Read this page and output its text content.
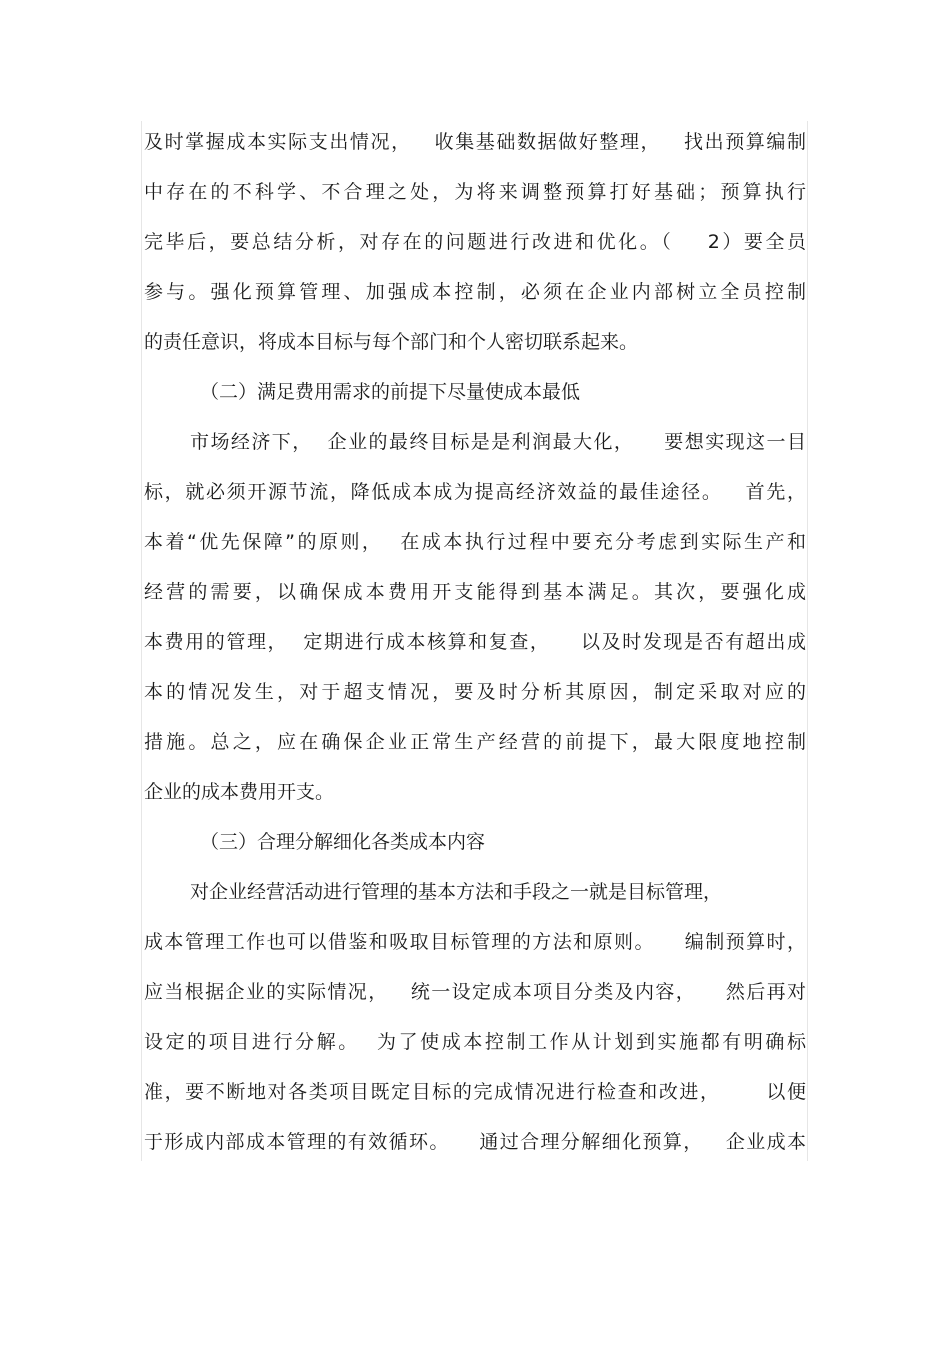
及时掌握成本实际支出情况，   收集基础数据做好整理，   找出预算编制
中存在的不科学、不合理之处，为将来调整预算打好基础；预算执行
完毕后，要总结分析，对存在的问题进行改进和优化。（    2）要全员
参与。强化预算管理、加强成本控制，必须在企业内部树立全员控制
的责任意识，将成本目标与每个部门和个人密切联系起来。
（二）满足费用需求的前提下尽量使成本最低
市场经济下，  企业的最终目标是是利润最大化，    要想实现这一目
标，就必须开源节流，降低成本成为提高经济效益的最佳途径。   首先，
本着“优先保障”的原则，  在成本执行过程中要充分考虑到实际生产和
经营的需要，以确保成本费用开支能得到基本满足。其次，要强化成
本费用的管理，  定期进行成本核算和复查，    以及时发现是否有超出成
本的情况发生，对于超支情况，要及时分析其原因，制定采取对应的
措施。总之，应在确保企业正常生产经营的前提下，最大限度地控制
企业的成本费用开支。
（三）合理分解细化各类成本内容
对企业经营活动进行管理的基本方法和手段之一就是目标管理，
成本管理工作也可以借鉴和吸取目标管理的方法和原则。    编制预算时，
应当根据企业的实际情况，   统一设定成本项目分类及内容，    然后再对
设定的项目进行分解。  为了使成本控制工作从计划到实施都有明确标
准，要不断地对各类项目既定目标的完成情况进行检查和改进，      以便
于形成内部成本管理的有效循环。    通过合理分解细化预算，   企业成本
